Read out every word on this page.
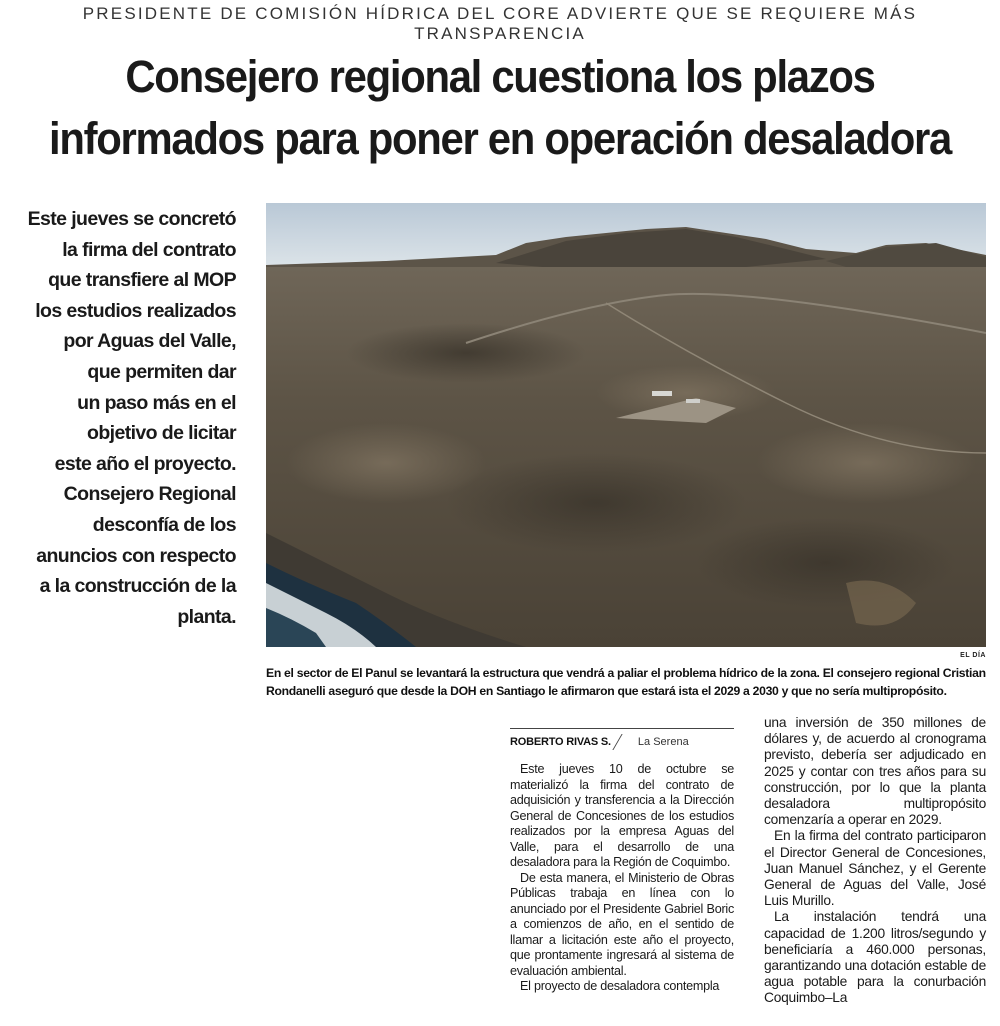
PRESIDENTE DE COMISIÓN HÍDRICA DEL CORE ADVIERTE QUE SE REQUIERE MÁS TRANSPARENCIA
Consejero regional cuestiona los plazos
informados para poner en operación desaladora

Este jueves se concretó
la firma del contrato
que transfiere al MOP
los estudios realizados
por Aguas del Valle,
que permiten dar
un paso más en el
objetivo de licitar
este año el proyecto.
Consejero Regional
desconfía de los
anuncios con respecto
a la construcción de la
planta.

EL DÍA

En el sector de El Panul se levantará la estructura que vendrá a paliar el problema hídrico de la zona. El consejero regional Cristian Rondanelli aseguró que desde la DOH en Santiago le afirmaron que estará ista el 2029 a 2030 y que no sería multipropósito.

ROBERTO RIVAS S. La Serena

Este jueves 10 de octubre se materializó la firma del contrato de adquisición y transferencia a la Dirección General de Concesiones de los estudios realizados por la empresa Aguas del Valle, para el desarrollo de una desaladora para la Región de Coquimbo.

De esta manera, el Ministerio de Obras Públicas trabaja en línea con lo anunciado por el Presidente Gabriel Boric a comienzos de año, en el sentido de llamar a licitación este año el proyecto, que prontamente ingresará al sistema de evaluación ambiental.

El proyecto de desaladora contempla

una inversión de 350 millones de dólares y, de acuerdo al cronograma previsto, debería ser adjudicado en 2025 y contar con tres años para su construcción, por lo que la planta desaladora multipropósito comenzaría a operar en 2029.

En la firma del contrato participaron el Director General de Concesiones, Juan Manuel Sánchez, y el Gerente General de Aguas del Valle, José Luis Murillo.

La instalación tendrá una capacidad de 1.200 litros/segundo y beneficiaría a 460.000 personas, garantizando una dotación estable de agua potable para la conurbación Coquimbo–La
